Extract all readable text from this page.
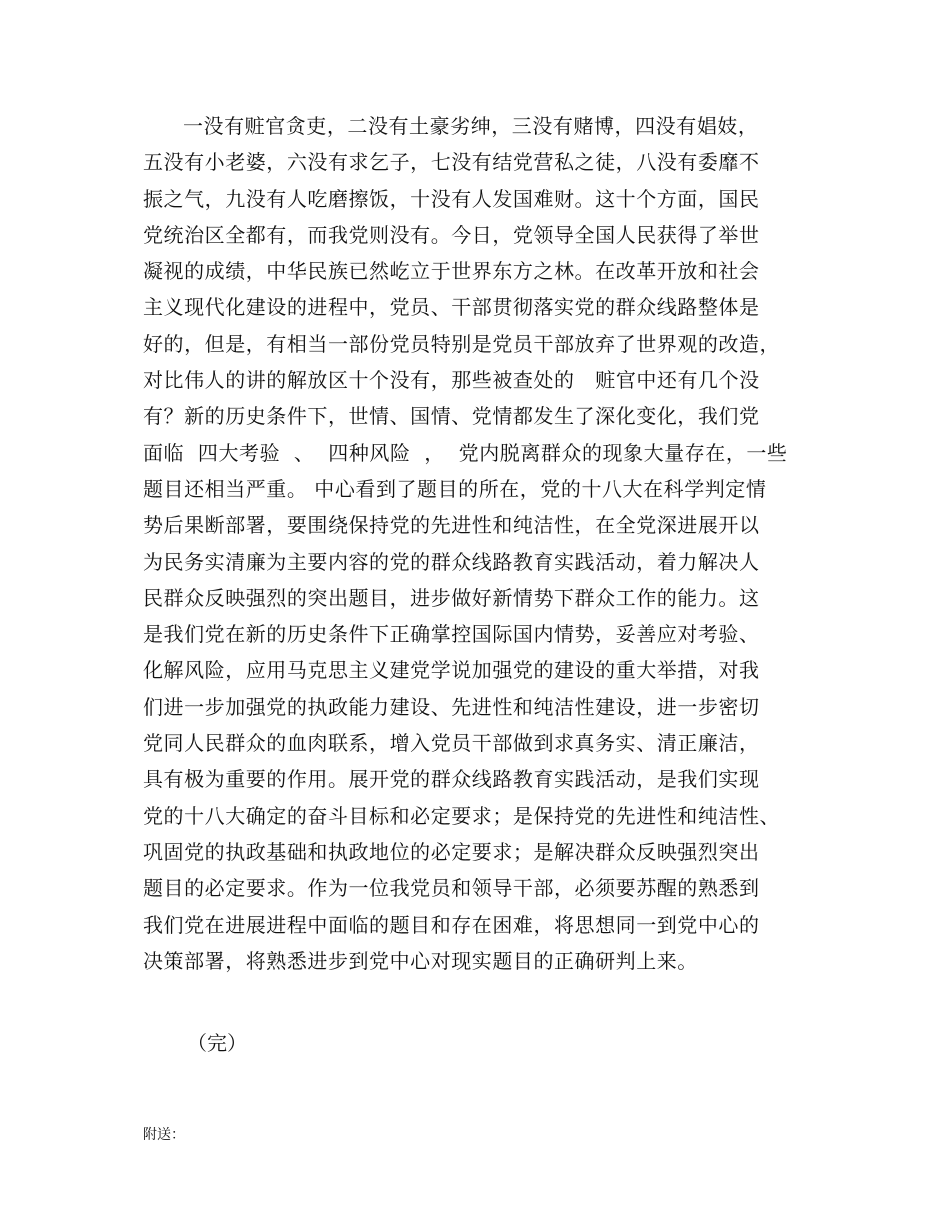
一没有赃官贪吏，二没有土豪劣绅，三没有赌博，四没有娼妓，
五没有小老婆，六没有求乞子，七没有结党营私之徒，八没有委靡不
振之气，九没有人吃磨擦饭，十没有人发国难财。这十个方面，国民
党统治区全都有，而我党则没有。今日，党领导全国人民获得了举世
凝视的成绩，中华民族已然屹立于世界东方之林。在改革开放和社会
主义现代化建设的进程中，党员、干部贯彻落实党的群众线路整体是
好的，但是，有相当一部份党员特别是党员干部放弃了世界观的改造，
对比伟人的讲的解放区十个没有，那些被查处的   赃官中还有几个没
有？新的历史条件下，世情、国情、党情都发生了深化变化，我们党
面临  四大考验  、  四种风险  ，  党内脱离群众的现象大量存在，一些
题目还相当严重。 中心看到了题目的所在，党的十八大在科学判定情
势后果断部署，要围绕保持党的先进性和纯洁性，在全党深进展开以
为民务实清廉为主要内容的党的群众线路教育实践活动，着力解决人
民群众反映强烈的突出题目，进步做好新情势下群众工作的能力。这
是我们党在新的历史条件下正确掌控国际国内情势，妥善应对考验、
化解风险，应用马克思主义建党学说加强党的建设的重大举措，对我
们进一步加强党的执政能力建设、先进性和纯洁性建设，进一步密切
党同人民群众的血肉联系，增入党员干部做到求真务实、清正廉洁，
具有极为重要的作用。展开党的群众线路教育实践活动，是我们实现
党的十八大确定的奋斗目标和必定要求；是保持党的先进性和纯洁性、
巩固党的执政基础和执政地位的必定要求；是解决群众反映强烈突出
题目的必定要求。作为一位我党员和领导干部，必须要苏醒的熟悉到
我们党在进展进程中面临的题目和存在困难，将思想同一到党中心的
决策部署，将熟悉进步到党中心对现实题目的正确研判上来。
（完）
附送：
